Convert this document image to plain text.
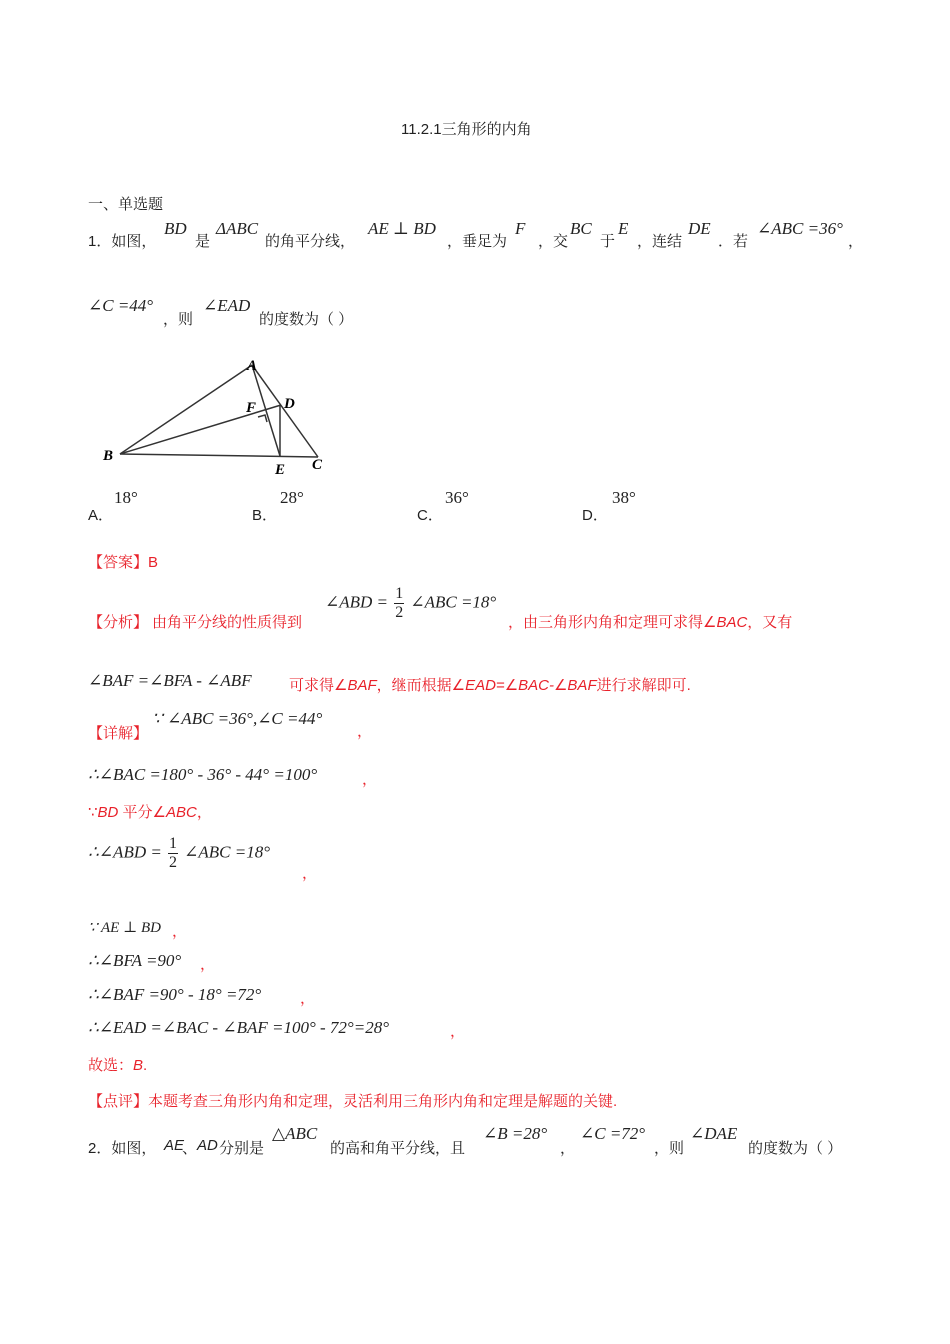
11.2.1三角形的内角
一、单选题
1．如图，
BD
是
ΔABC
的角平分线，
AE ⊥ BD
，垂足为
F
，交
BC
于
E
，连结
DE
．若
∠ABC =36°
，
∠C =44°
，则
∠EAD
的度数为（ ）
A
F D
B
E C
A．
18°
B．
28°
C．
36°
D．
38°
【答案】B
【分析】 由角平分线的性质得到
∠ABD = $\frac{1}{2}$ ∠ABC =18°
，由三角形内角和定理可求得∠BAC，又有
∠BAF =∠BFA - ∠ABF 可求得∠BAF，继而根据∠EAD=∠BAC-∠BAF进行求解即可.
【详解】
∵ ∠ABC =36°,∠C =44°
，
∴∠BAC =180° - 36° - 44° =100°	，
∵BD 平分∠ABC，
∴∠ABD = $\frac{1}{2}$ ∠ABC =18°
，
∵ AE ⊥ BD ，
∴∠BFA =90° ，
∴∠BAF =90° - 18° =72°	，
∴∠EAD =∠BAC - ∠BAF =100° - 72°=28°	，
故选：B.
【点评】本题考查三角形内角和定理，灵活利用三角形内角和定理是解题的关键.
2．如图， AE
、 AD 分别是
△ABC
的高和角平分线，且
∠B =28°
，
∠C =72°
，则
∠DAE
的度数为（ ）
